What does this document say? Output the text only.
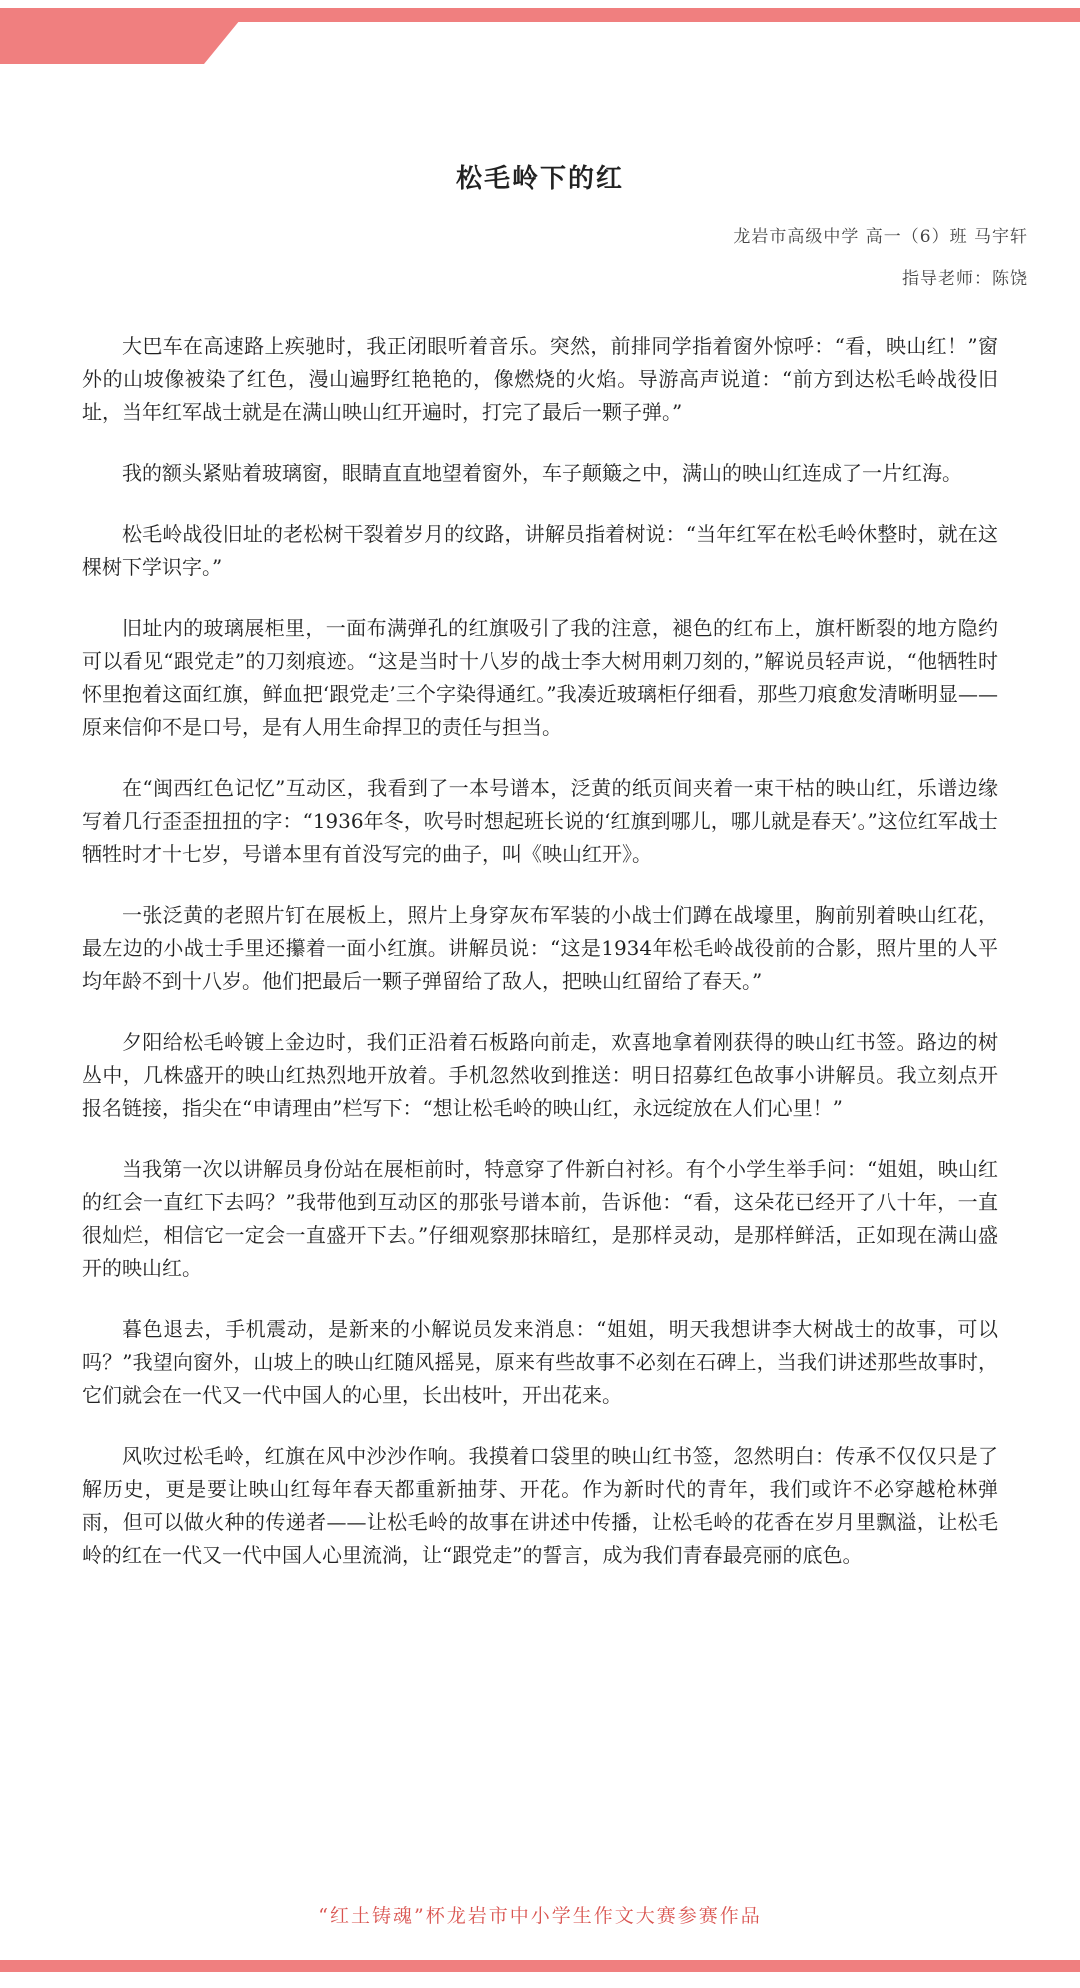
松毛岭下的红
龙岩市高级中学 高一（6）班 马宇轩
指导老师：陈饶

大巴车在高速路上疾驰时，我正闭眼听着音乐。突然，前排同学指着窗外惊呼：“看，映山红！”窗外的山坡像被染了红色，漫山遍野红艳艳的，像燃烧的火焰。导游高声说道：“前方到达松毛岭战役旧址，当年红军战士就是在满山映山红开遍时，打完了最后一颗子弹。”

我的额头紧贴着玻璃窗，眼睛直直地望着窗外，车子颠簸之中，满山的映山红连成了一片红海。

松毛岭战役旧址的老松树干裂着岁月的纹路，讲解员指着树说：“当年红军在松毛岭休整时，就在这棵树下学识字。”

旧址内的玻璃展柜里，一面布满弹孔的红旗吸引了我的注意，褪色的红布上，旗杆断裂的地方隐约可以看见“跟党走”的刀刻痕迹。“这是当时十八岁的战士李大树用刺刀刻的，”解说员轻声说，“他牺牲时怀里抱着这面红旗，鲜血把‘跟党走’三个字染得通红。”我凑近玻璃柜仔细看，那些刀痕愈发清晰明显——原来信仰不是口号，是有人用生命捍卫的责任与担当。

在“闽西红色记忆”互动区，我看到了一本号谱本，泛黄的纸页间夹着一束干枯的映山红，乐谱边缘写着几行歪歪扭扭的字：“1936年冬，吹号时想起班长说的‘红旗到哪儿，哪儿就是春天’。”这位红军战士牺牲时才十七岁，号谱本里有首没写完的曲子，叫《映山红开》。

一张泛黄的老照片钉在展板上，照片上身穿灰布军装的小战士们蹲在战壕里，胸前别着映山红花，最左边的小战士手里还攥着一面小红旗。讲解员说：“这是1934年松毛岭战役前的合影，照片里的人平均年龄不到十八岁。他们把最后一颗子弹留给了敌人，把映山红留给了春天。”

夕阳给松毛岭镀上金边时，我们正沿着石板路向前走，欢喜地拿着刚获得的映山红书签。路边的树丛中，几株盛开的映山红热烈地开放着。手机忽然收到推送：明日招募红色故事小讲解员。我立刻点开报名链接，指尖在“申请理由”栏写下：“想让松毛岭的映山红，永远绽放在人们心里！”

当我第一次以讲解员身份站在展柜前时，特意穿了件新白衬衫。有个小学生举手问：“姐姐，映山红的红会一直红下去吗？”我带他到互动区的那张号谱本前，告诉他：“看，这朵花已经开了八十年，一直很灿烂，相信它一定会一直盛开下去。”仔细观察那抹暗红，是那样灵动，是那样鲜活，正如现在满山盛开的映山红。

暮色退去，手机震动，是新来的小解说员发来消息：“姐姐，明天我想讲李大树战士的故事，可以吗？”我望向窗外，山坡上的映山红随风摇晃，原来有些故事不必刻在石碑上，当我们讲述那些故事时，它们就会在一代又一代中国人的心里，长出枝叶，开出花来。

风吹过松毛岭，红旗在风中沙沙作响。我摸着口袋里的映山红书签，忽然明白：传承不仅仅只是了解历史，更是要让映山红每年春天都重新抽芽、开花。作为新时代的青年，我们或许不必穿越枪林弹雨，但可以做火种的传递者——让松毛岭的故事在讲述中传播，让松毛岭的花香在岁月里飘溢，让松毛岭的红在一代又一代中国人心里流淌，让“跟党走”的誓言，成为我们青春最亮丽的底色。

“红土铸魂”杯龙岩市中小学生作文大赛参赛作品
